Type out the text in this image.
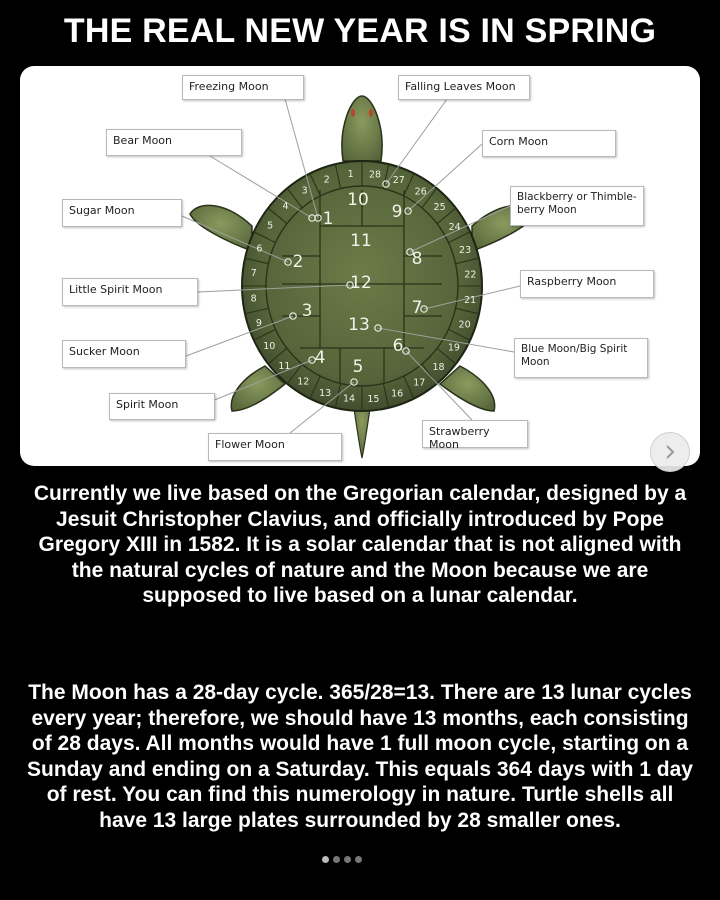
THE REAL NEW YEAR IS IN SPRING
1
2
3
4 5
6
7
8
9
10
11
12
13
1
2
3
4
5
6
7
8
9
10
11
12
13
14 15 16
17
18
19
20
21
22
23
24
25
26
27
28
Freezing Moon	Falling Leaves Moon
Bear Moon	Corn Moon
Sugar Moon
Blackberry or Thimble-berry Moon
Little Spirit Moon
Raspberry Moon
Sucker Moon	Blue Moon/Big Spirit Moon
Spirit Moon
Strawberry Moon
Flower Moon
Currently we live based on the Gregorian calendar, designed by a Jesuit Christopher Clavius, and officially introduced by Pope Gregory XIII in 1582. It is a solar calendar that is not aligned with the natural cycles of nature and the Moon because we are supposed to live based on a lunar calendar.
The Moon has a 28-day cycle. 365/28=13. There are 13 lunar cycles every year; therefore, we should have 13 months, each consisting of 28 days. All months would have 1 full moon cycle, starting on a Sunday and ending on a Saturday. This equals 364 days with 1 day of rest. You can find this numerology in nature. Turtle shells all have 13 large plates surrounded by 28 smaller ones.
